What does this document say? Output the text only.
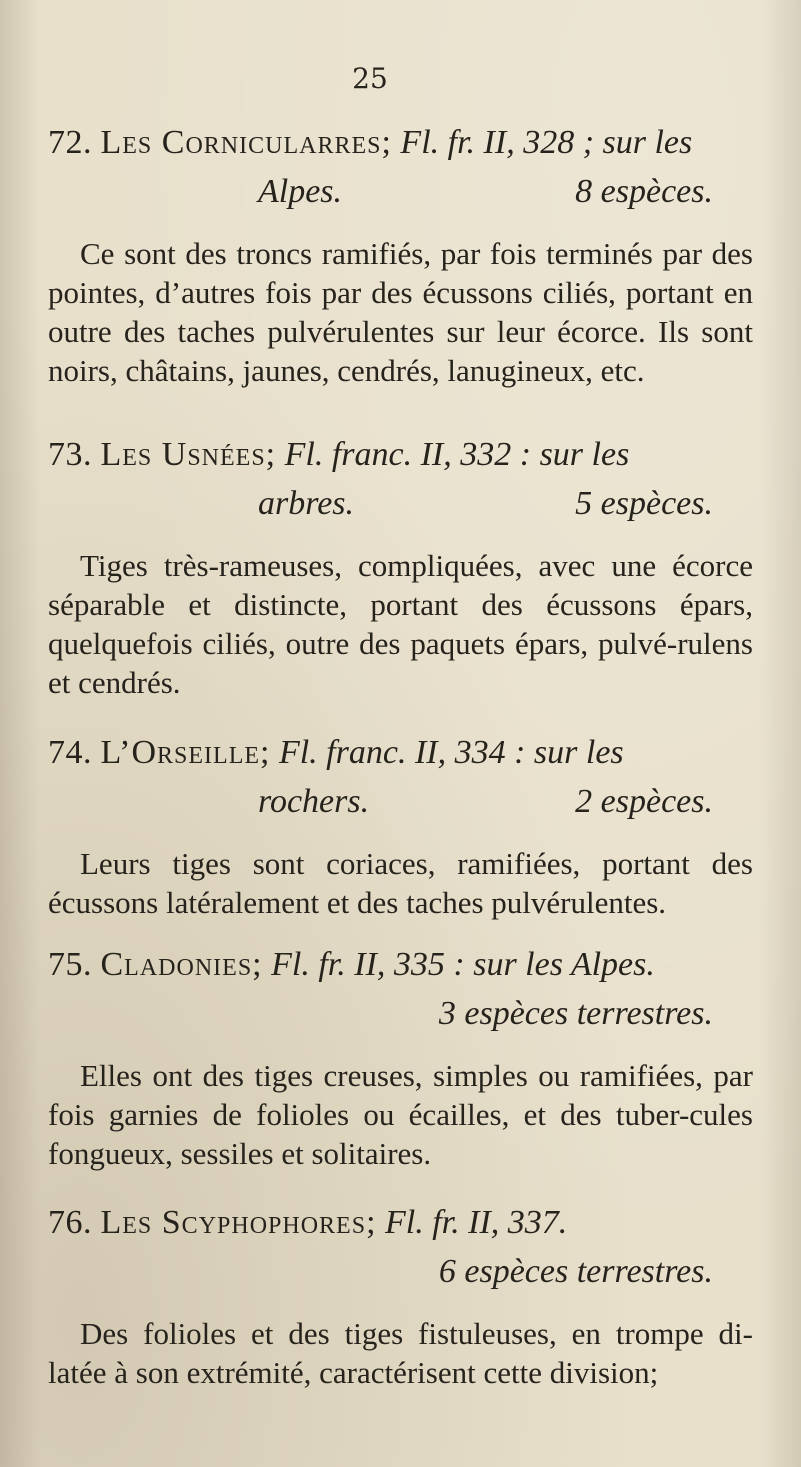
25

72. Les Cornicularres; Fl. fr. II, 328 ; sur les

Alpes.	8 espèces.

Ce sont des troncs ramifiés, par fois terminés par des pointes, d’autres fois par des écussons ciliés, portant en outre des taches pulvérulentes sur leur écorce. Ils sont noirs, châtains, jaunes, cendrés, lanugineux, etc.

73. Les Usnées; Fl. franc. II, 332 : sur les

arbres.	5 espèces.

Tiges très-rameuses, compliquées, avec une écorce séparable et distincte, portant des écussons épars, quelquefois ciliés, outre des paquets épars, pulvé-rulens et cendrés.

74. L’Orseille; Fl. franc. II, 334 : sur les

rochers.	2 espèces.

Leurs tiges sont coriaces, ramifiées, portant des écussons latéralement et des taches pulvérulentes.

75. Cladonies; Fl. fr. II, 335 : sur les Alpes.

3 espèces terrestres.

Elles ont des tiges creuses, simples ou ramifiées, par fois garnies de folioles ou écailles, et des tuber-cules fongueux, sessiles et solitaires.

76. Les Scyphophores; Fl. fr. II, 337.

6 espèces terrestres.

Des folioles et des tiges fistuleuses, en trompe di-latée à son extrémité, caractérisent cette division;
